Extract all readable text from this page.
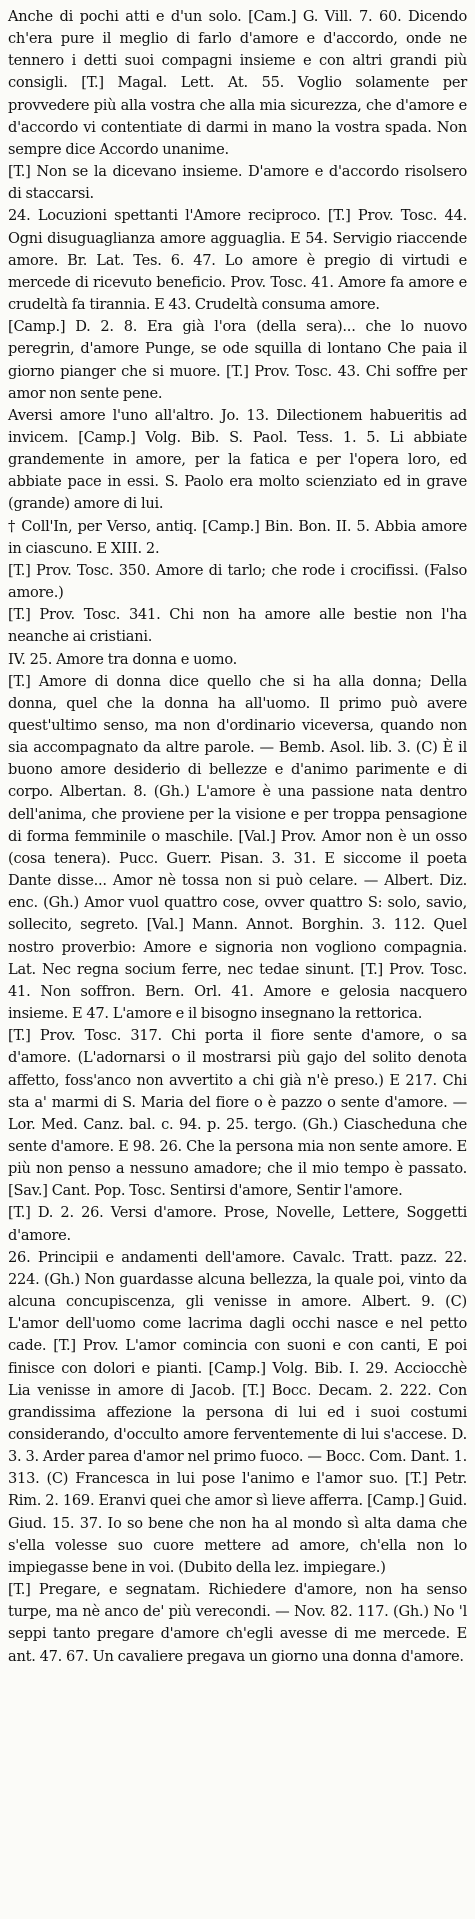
Anche di pochi atti e d'un solo. [Cam.] G. Vill. 7. 60. Dicendo ch'era pure il meglio di farlo d'amore e d'accordo, onde ne tennero i detti suoi compagni insieme e con altri grandi più consigli. [T.] Magal. Lett. At. 55. Voglio solamente per provvedere più alla vostra che alla mia sicurezza, che d'amore e d'accordo vi contentiate di darmi in mano la vostra spada. Non sempre dice Accordo unanime.

[T.] Non se la dicevano insieme. D'amore e d'accordo risolsero di staccarsi.

24. Locuzioni spettanti l'Amore reciproco. [T.] Prov. Tosc. 44. Ogni disuguaglianza amore agguaglia. E 54. Servigio riaccende amore. Br. Lat. Tes. 6. 47. Lo amore è pregio di virtudi e mercede di ricevuto beneficio. Prov. Tosc. 41. Amore fa amore e crudeltà fa tirannia. E 43. Crudeltà consuma amore.

[Camp.] D. 2. 8. Era già l'ora (della sera)... che lo nuovo peregrin, d'amore Punge, se ode squilla di lontano Che paia il giorno pianger che si muore. [T.] Prov. Tosc. 43. Chi soffre per amor non sente pene.

Aversi amore l'uno all'altro. Jo. 13. Dilectionem habueritis ad invicem. [Camp.] Volg. Bib. S. Paol. Tess. 1. 5. Li abbiate grandemente in amore, per la fatica e per l'opera loro, ed abbiate pace in essi. S. Paolo era molto scienziato ed in grave (grande) amore di lui.

† Coll'In, per Verso, antiq. [Camp.] Bin. Bon. II. 5. Abbia amore in ciascuno. E XIII. 2.

[T.] Prov. Tosc. 350. Amore di tarlo; che rode i crocifissi. (Falso amore.)

[T.] Prov. Tosc. 341. Chi non ha amore alle bestie non l'ha neanche ai cristiani.

IV. 25. Amore tra donna e uomo.

[T.] Amore di donna dice quello che si ha alla donna; Della donna, quel che la donna ha all'uomo. Il primo può avere quest'ultimo senso, ma non d'ordinario viceversa, quando non sia accompagnato da altre parole. — Bemb. Asol. lib. 3. (C) È il buono amore desiderio di bellezze e d'animo parimente e di corpo. Albertan. 8. (Gh.) L'amore è una passione nata dentro dell'anima, che proviene per la visione e per troppa pensagione di forma femminile o maschile. [Val.] Prov. Amor non è un osso (cosa tenera). Pucc. Guerr. Pisan. 3. 31. E siccome il poeta Dante disse... Amor nè tossa non si può celare. — Albert. Diz. enc. (Gh.) Amor vuol quattro cose, ovver quattro S: solo, savio, sollecito, segreto. [Val.] Mann. Annot. Borghin. 3. 112. Quel nostro proverbio: Amore e signoria non vogliono compagnia. Lat. Nec regna socium ferre, nec tedae sinunt. [T.] Prov. Tosc. 41. Non soffron. Bern. Orl. 41. Amore e gelosia nacquero insieme. E 47. L'amore e il bisogno insegnano la rettorica.

[T.] Prov. Tosc. 317. Chi porta il fiore sente d'amore, o sa d'amore. (L'adornarsi o il mostrarsi più gajo del solito denota affetto, foss'anco non avvertito a chi già n'è preso.) E 217. Chi sta a' marmi di S. Maria del fiore o è pazzo o sente d'amore. — Lor. Med. Canz. bal. c. 94. p. 25. tergo. (Gh.) Ciascheduna che sente d'amore. E 98. 26. Che la persona mia non sente amore. E più non penso a nessuno amadore; che il mio tempo è passato. [Sav.] Cant. Pop. Tosc. Sentirsi d'amore, Sentir l'amore.

[T.] D. 2. 26. Versi d'amore. Prose, Novelle, Lettere, Soggetti d'amore.

26. Principii e andamenti dell'amore. Cavalc. Tratt. pazz. 22. 224. (Gh.) Non guardasse alcuna bellezza, la quale poi, vinto da alcuna concupiscenza, gli venisse in amore. Albert. 9. (C) L'amor dell'uomo come lacrima dagli occhi nasce e nel petto cade. [T.] Prov. L'amor comincia con suoni e con canti, E poi finisce con dolori e pianti. [Camp.] Volg. Bib. I. 29. Acciocchè Lia venisse in amore di Jacob. [T.] Bocc. Decam. 2. 222. Con grandissima affezione la persona di lui ed i suoi costumi considerando, d'occulto amore ferventemente di lui s'accese. D. 3. 3. Arder parea d'amor nel primo fuoco. — Bocc. Com. Dant. 1. 313. (C) Francesca in lui pose l'animo e l'amor suo. [T.] Petr. Rim. 2. 169. Eranvi quei che amor sì lieve afferra. [Camp.] Guid. Giud. 15. 37. Io so bene che non ha al mondo sì alta dama che s'ella volesse suo cuore mettere ad amore, ch'ella non lo impiegasse bene in voi. (Dubito della lez. impiegare.)

[T.] Pregare, e segnatam. Richiedere d'amore, non ha senso turpe, ma nè anco de' più verecondi. — Nov. 82. 117. (Gh.) No 'l seppi tanto pregare d'amore ch'egli avesse di me mercede. E ant. 47. 67. Un cavaliere pregava un giorno una donna d'amore.
